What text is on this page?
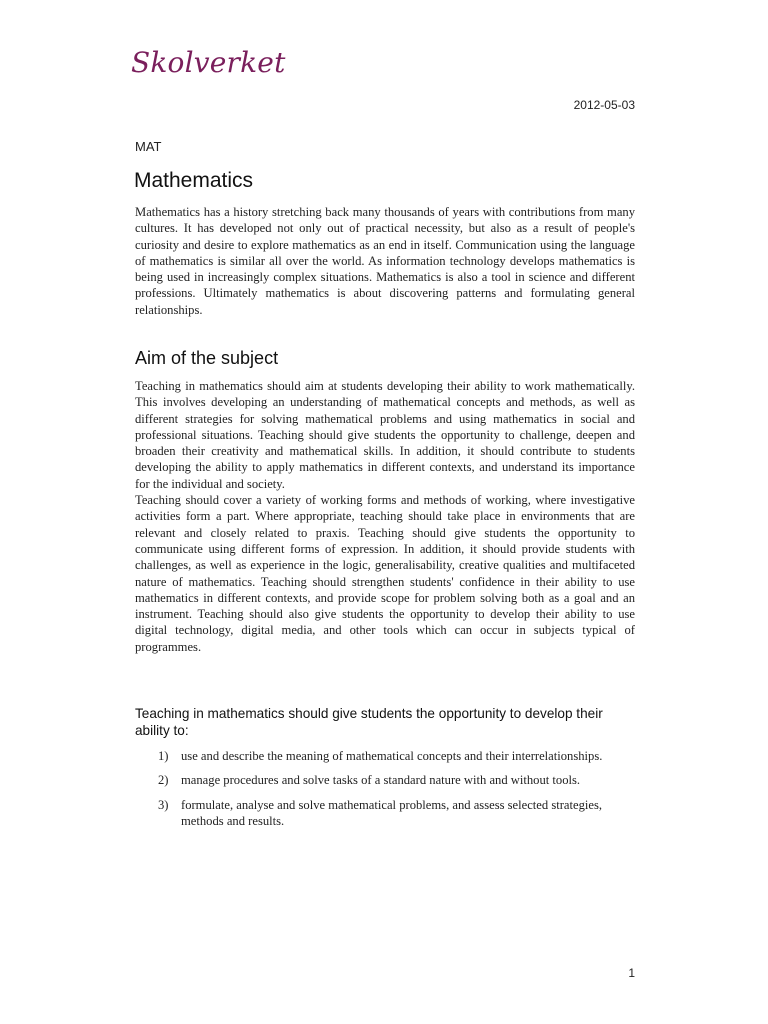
Skolverket
2012-05-03
MAT
Mathematics

Mathematics has a history stretching back many thousands of years with contributions from many cultures. It has developed not only out of practical necessity, but also as a result of people's curiosity and desire to explore mathematics as an end in itself. Communication using the language of mathematics is similar all over the world. As information technology develops mathematics is being used in increasingly complex situations. Mathematics is also a tool in science and different professions. Ultimately mathematics is about discovering patterns and formulating general relationships.

Aim of the subject
Teaching in mathematics should aim at students developing their ability to work mathematically. This involves developing an understanding of mathematical concepts and methods, as well as different strategies for solving mathematical problems and using mathematics in social and professional situations. Teaching should give students the opportunity to challenge, deepen and broaden their creativity and mathematical skills. In addition, it should contribute to students developing the ability to apply mathematics in different contexts, and understand its importance for the individual and society.
Teaching should cover a variety of working forms and methods of working, where investigative activities form a part. Where appropriate, teaching should take place in environments that are relevant and closely related to praxis. Teaching should give students the opportunity to communicate using different forms of expression. In addition, it should provide students with challenges, as well as experience in the logic, generalisability, creative qualities and multifaceted nature of mathematics. Teaching should strengthen students' confidence in their ability to use mathematics in different contexts, and provide scope for problem solving both as a goal and an instrument. Teaching should also give students the opportunity to develop their ability to use digital technology, digital media, and other tools which can occur in subjects typical of programmes.

Teaching in mathematics should give students the opportunity to develop their ability to:

1) use and describe the meaning of mathematical concepts and their interrelationships.
2) manage procedures and solve tasks of a standard nature with and without tools.
3) formulate, analyse and solve mathematical problems, and assess selected strategies, methods and results.
1
